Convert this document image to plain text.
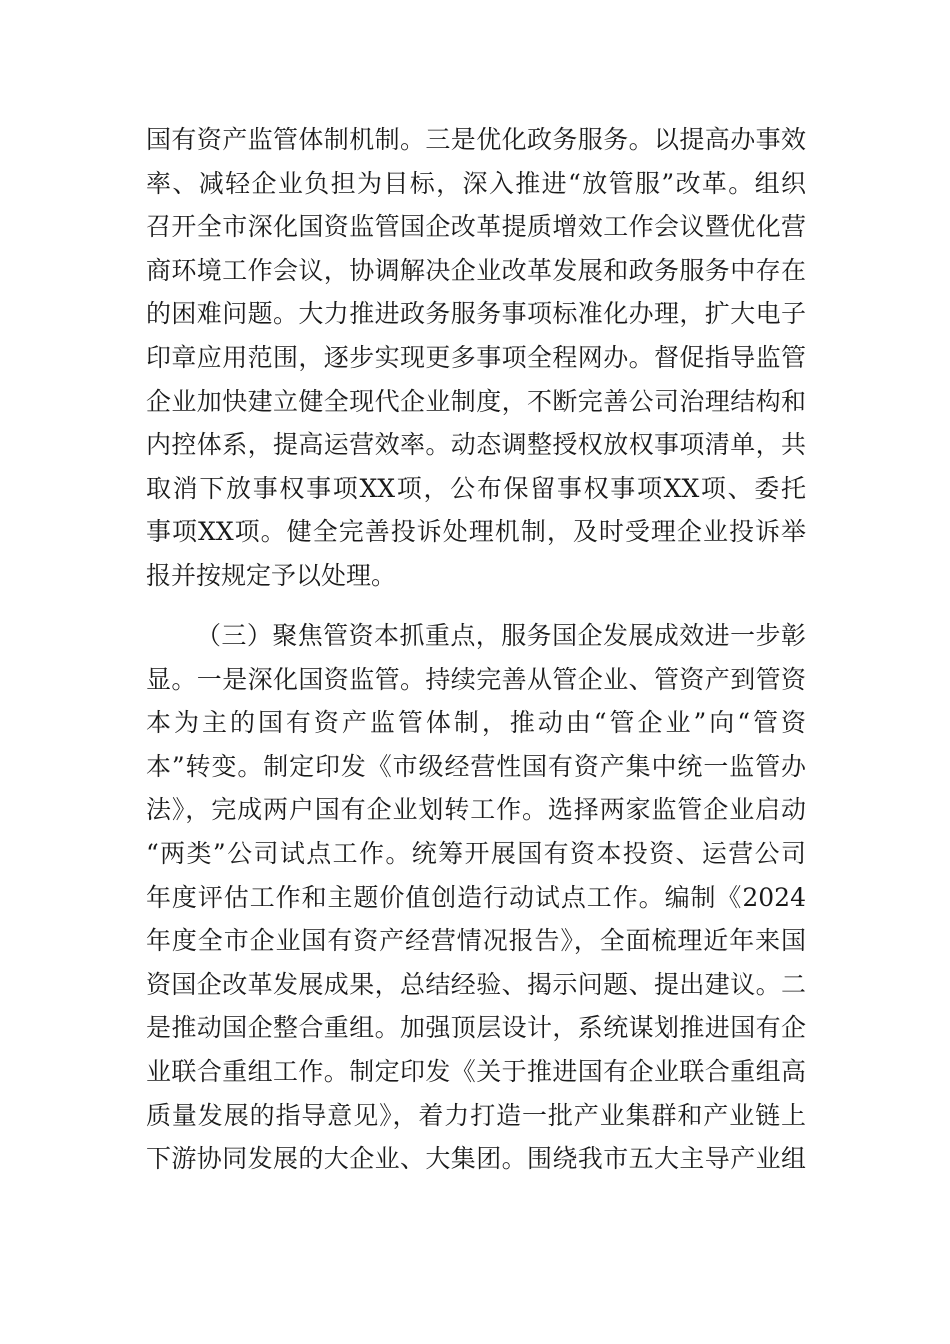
国有资产监管体制机制。三是优化政务服务。以提高办事效
率、减轻企业负担为目标，深入推进“放管服”改革。组织
召开全市深化国资监管国企改革提质增效工作会议暨优化营
商环境工作会议，协调解决企业改革发展和政务服务中存在
的困难问题。大力推进政务服务事项标准化办理，扩大电子
印章应用范围，逐步实现更多事项全程网办。督促指导监管
企业加快建立健全现代企业制度，不断完善公司治理结构和
内控体系，提高运营效率。动态调整授权放权事项清单，共
取消下放事权事项XX项，公布保留事权事项XX项、委托
事项XX项。健全完善投诉处理机制，及时受理企业投诉举
报并按规定予以处理。
（三）聚焦管资本抓重点，服务国企发展成效进一步彰
显。一是深化国资监管。持续完善从管企业、管资产到管资
本为主的国有资产监管体制，推动由“管企业”向“管资
本”转变。制定印发《市级经营性国有资产集中统一监管办
法》，完成两户国有企业划转工作。选择两家监管企业启动
“两类”公司试点工作。统筹开展国有资本投资、运营公司
年度评估工作和主题价值创造行动试点工作。编制《2024
年度全市企业国有资产经营情况报告》，全面梳理近年来国
资国企改革发展成果，总结经验、揭示问题、提出建议。二
是推动国企整合重组。加强顶层设计，系统谋划推进国有企
业联合重组工作。制定印发《关于推进国有企业联合重组高
质量发展的指导意见》，着力打造一批产业集群和产业链上
下游协同发展的大企业、大集团。围绕我市五大主导产业组
